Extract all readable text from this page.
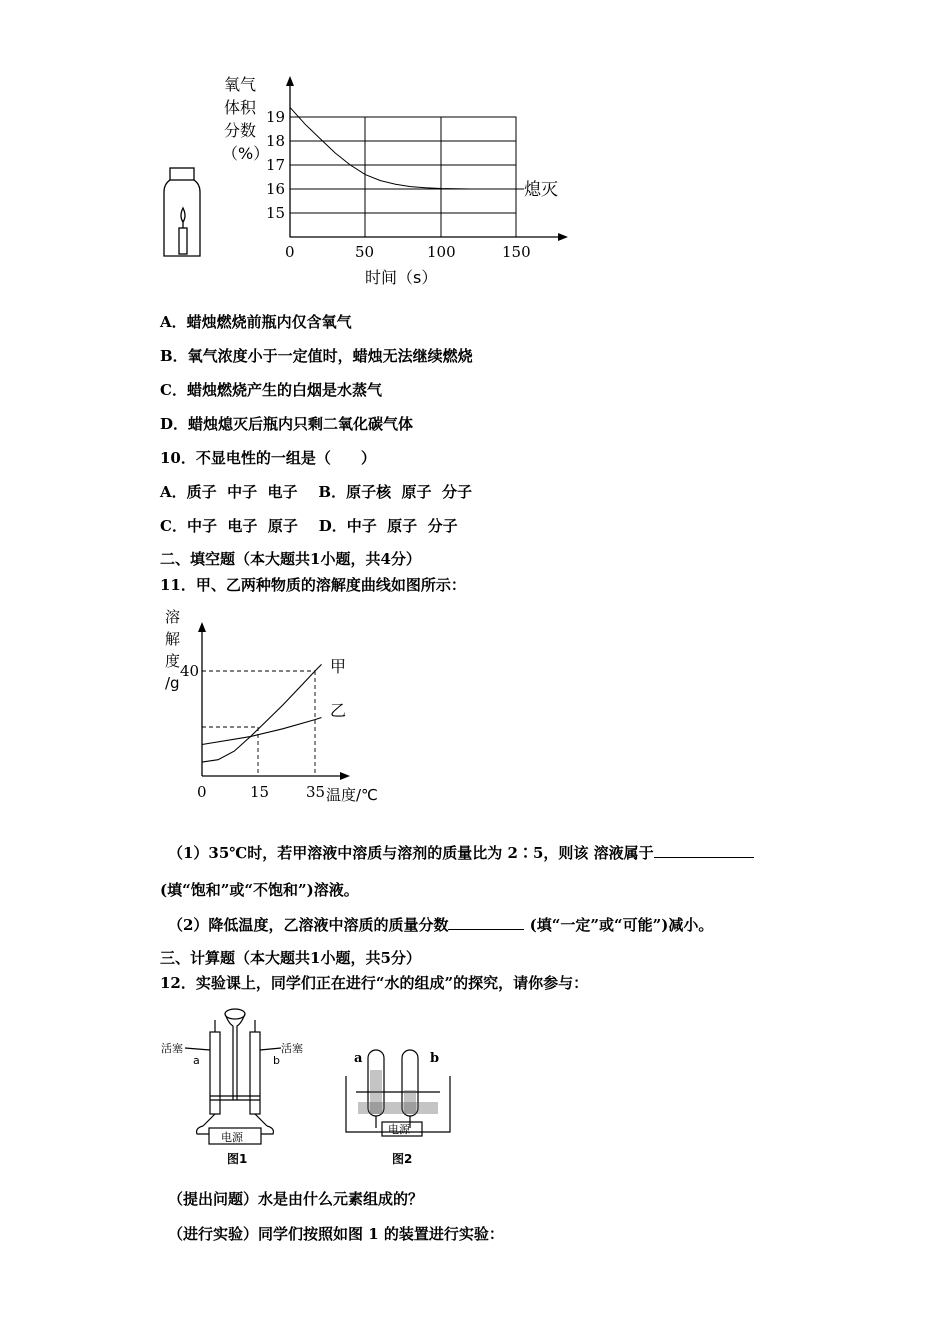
氧气
体积
分数
（%）
19
18
17
16
15
0	50	100	150
时间（s）
熄灭
A．蜡烛燃烧前瓶内仅含氧气
B．氧气浓度小于一定值时，蜡烛无法继续燃烧
C．蜡烛燃烧产生的白烟是水蒸气
D．蜡烛熄灭后瓶内只剩二氧化碳气体
10．不显电性的一组是（　　）
A．质子  中子  电子    B．原子核  原子  分子
C．中子  电子  原子    D．中子  原子  分子
二、填空题（本大题共1小题，共4分）
11．甲、乙两种物质的溶解度曲线如图所示：
溶
解
度
/g
40
0	15 35 温度/℃
甲
乙
（1）35℃时，若甲溶液中溶质与溶剂的质量比为 2∶5，则该 溶液属于
(填“饱和”或“不饱和”)溶液。
（2）降低温度，乙溶液中溶质的质量分数	(填“一定”或“可能”)减小。
三、计算题（本大题共1小题，共5分）
12．实验课上，同学们正在进行“水的组成”的探究，请你参与：
活塞	活塞
a	b
电源
图1
a	b
电源
图2
（提出问题）水是由什么元素组成的？
（进行实验）同学们按照如图 1 的装置进行实验：
